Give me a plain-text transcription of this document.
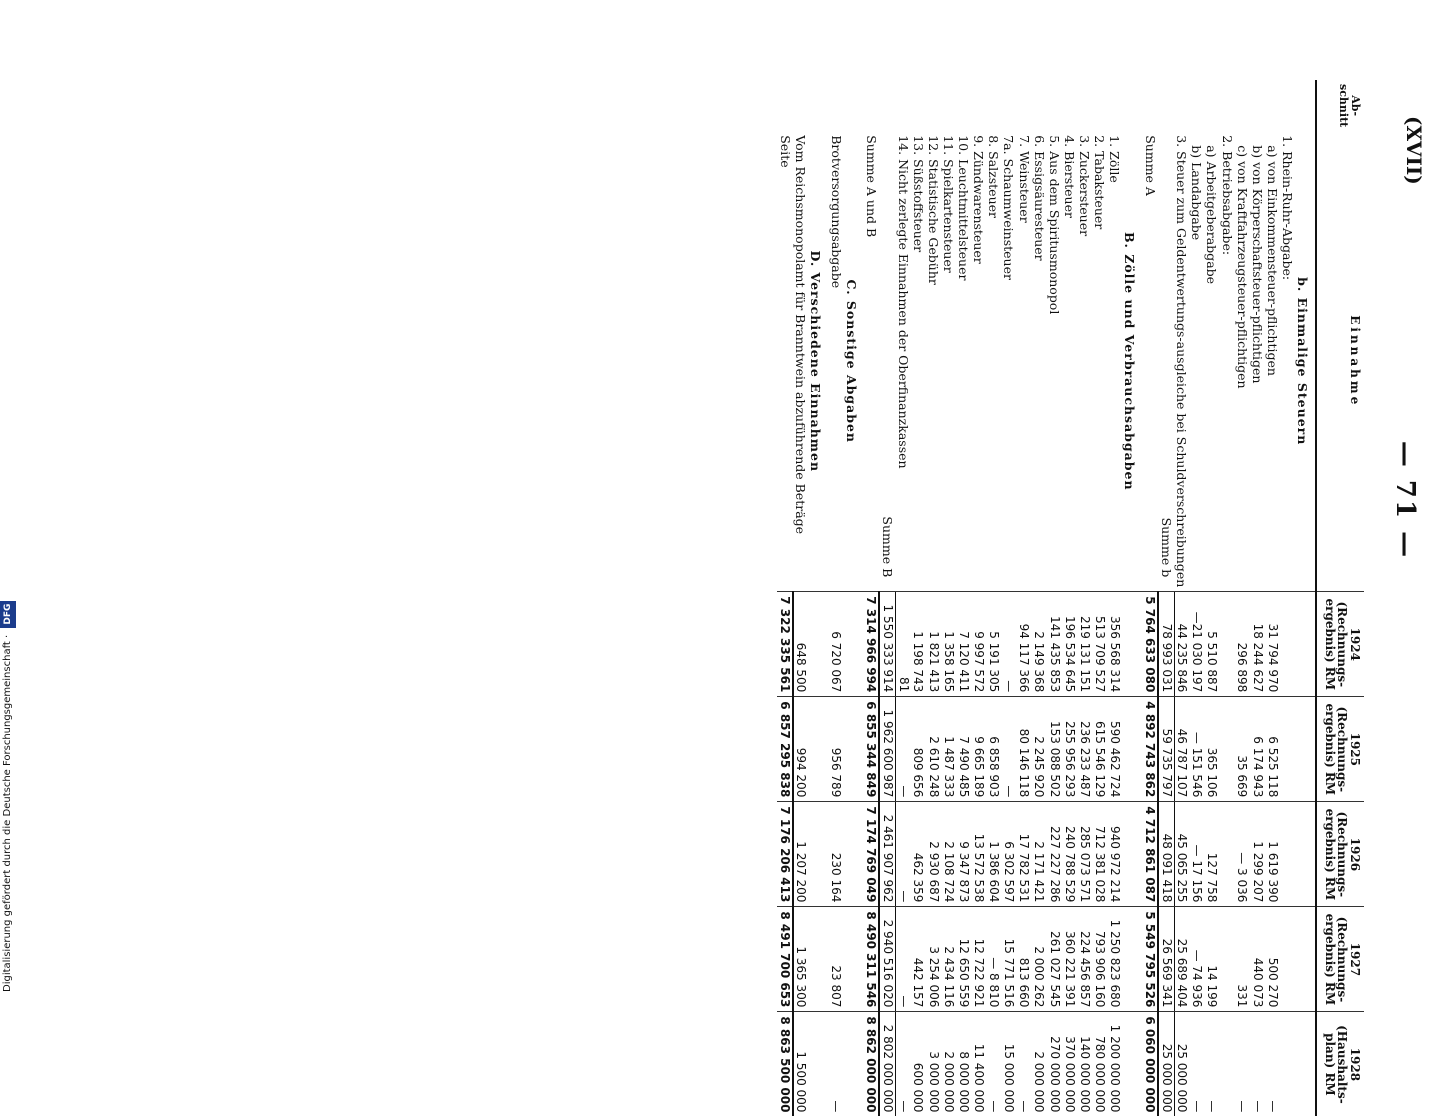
— 71 —
(XVII)
Ab-schnitt	Einnahme	1924 (Rechnungs-ergebnis) RM	1925 (Rechnungs-ergebnis) RM	1926 (Rechnungs-ergebnis) RM	1927 (Rechnungs-ergebnis) RM	1928 (Haushalts-plan) RM
	b. Einmalige Steuern					
	1. Rhein-Ruhr-Abgabe:					
	a) von Einkommensteuer-pflichtigen	31 794 970	6 525 118	1 619 390	500 270	—
	b) von Körperschaftsteuer-pflichtigen	18 244 627	6 174 943	1 299 207	440 073	—
	c) von Kraftfahrzeugsteuer-pflichtigen	296 898	35 669	— 3 036	331	—
	2. Betriebsabgabe:					
	a) Arbeitgeberabgabe	5 510 887	365 106	127 758	14 199	—
	b) Landabgabe	—21 030 197	— 151 546	— 17 156	— 74 936	—
	3. Steuer zum Geldentwertungs-ausgleiche bei Schuldverschreibungen	44 235 846	46 787 107	45 065 255	25 689 404	25 000 000
	Summe b	78 993 031	59 735 797	48 091 418	26 569 341	25 000 000
	Summe A	5 764 633 080	4 892 743 862	4 712 861 087	5 549 795 526	6 060 000 000
	B. Zölle und Verbrauchsabgaben					
	1. Zölle	356 568 314	590 462 724	940 972 214	1 250 823 680	1 200 000 000
	2. Tabaksteuer	513 709 527	615 546 129	712 381 028	793 906 160	780 000 000
	3. Zuckersteuer	219 131 151	236 233 487	285 073 571	224 456 857	140 000 000
	4. Biersteuer	196 534 645	255 956 293	240 788 529	360 221 391	370 000 000
	5. Aus dem Spiritusmonopol	141 435 853	153 088 502	227 227 286	261 027 545	270 000 000
	6. Essigsäuresteuer	2 149 368	2 245 920	2 171 421	2 000 262	2 000 000
	7. Weinsteuer	94 117 366	80 146 118	17 782 531	813 660	—
	7a. Schaumweinsteuer	—	—	6 302 597	15 771 516	15 000 000
	8. Salzsteuer	5 191 305	6 858 903	1 386 604	— 8 810	—
	9. Zündwarensteuer	9 997 572	9 665 189	13 572 538	12 722 921	11 400 000
	10. Leuchtmittelsteuer	7 120 411	7 490 485	9 347 873	12 650 559	8 000 000
	11. Spielkartensteuer	1 358 165	1 487 333	2 108 724	2 434 116	2 000 000
	12. Statistische Gebühr	1 821 413	2 610 248	2 930 687	3 254 006	3 000 000
	13. Süßstoffsteuer	1 198 743	809 656	462 359	442 157	600 000
	14. Nicht zerlegte Einnahmen der Oberfinanzkassen	81	—	—	—	—
	Summe B	1 550 333 914	1 962 600 987	2 461 907 962	2 940 516 020	2 802 000 000
	Summe A und B	7 314 966 994	6 855 344 849	7 174 769 049	8 490 311 546	8 862 000 000
	C. Sonstige Abgaben					
	Brotversorgungsabgabe	6 720 067	956 789	230 164	23 807	—
	D. Verschiedene Einnahmen					
	Vom Reichsmonopolamt für Branntwein abzuführende Beträge	648 500	994 200	1 207 200	1 365 300	1 500 000
	Seite	7 322 335 561	6 857 295 838	7 176 206 413	8 491 700 653	8 863 500 000
Digitalisierung gefördert durch die Deutsche Forschungsgemeinschaft · DFG
